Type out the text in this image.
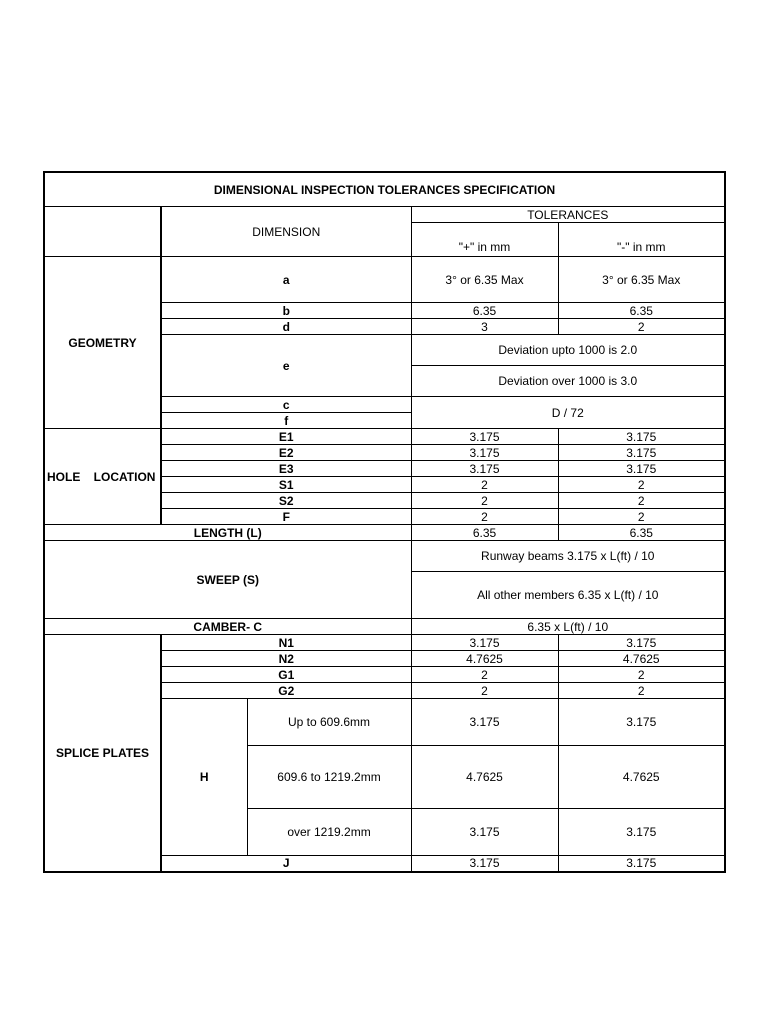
DIMENSIONAL INSPECTION TOLERANCES SPECIFICATION				
	DIMENSION		TOLERANCES	
			"+" in mm	"-" in mm
GEOMETRY	a		3° or 6.35 Max	3° or 6.35 Max
	b		6.35	6.35
	d		3	2
	e		Deviation upto 1000 is 2.0	
			Deviation over 1000 is 3.0	
	c		D / 72	
	f			
HOLE    LOCATION	E1		3.175	3.175
	E2		3.175	3.175
	E3		3.175	3.175
	S1		2	2
	S2		2	2
	F		2	2
LENGTH (L)			6.35	6.35
SWEEP (S)			Runway beams 3.175 x L(ft) / 10	
			All other members 6.35 x L(ft) / 10	
CAMBER- C			6.35 x L(ft) / 10	
SPLICE PLATES	N1		3.175	3.175
	N2		4.7625	4.7625
	G1		2	2
	G2		2	2
	H	Up to 609.6mm	3.175	3.175
		609.6 to 1219.2mm	4.7625	4.7625
		over 1219.2mm	3.175	3.175
	J		3.175	3.175
